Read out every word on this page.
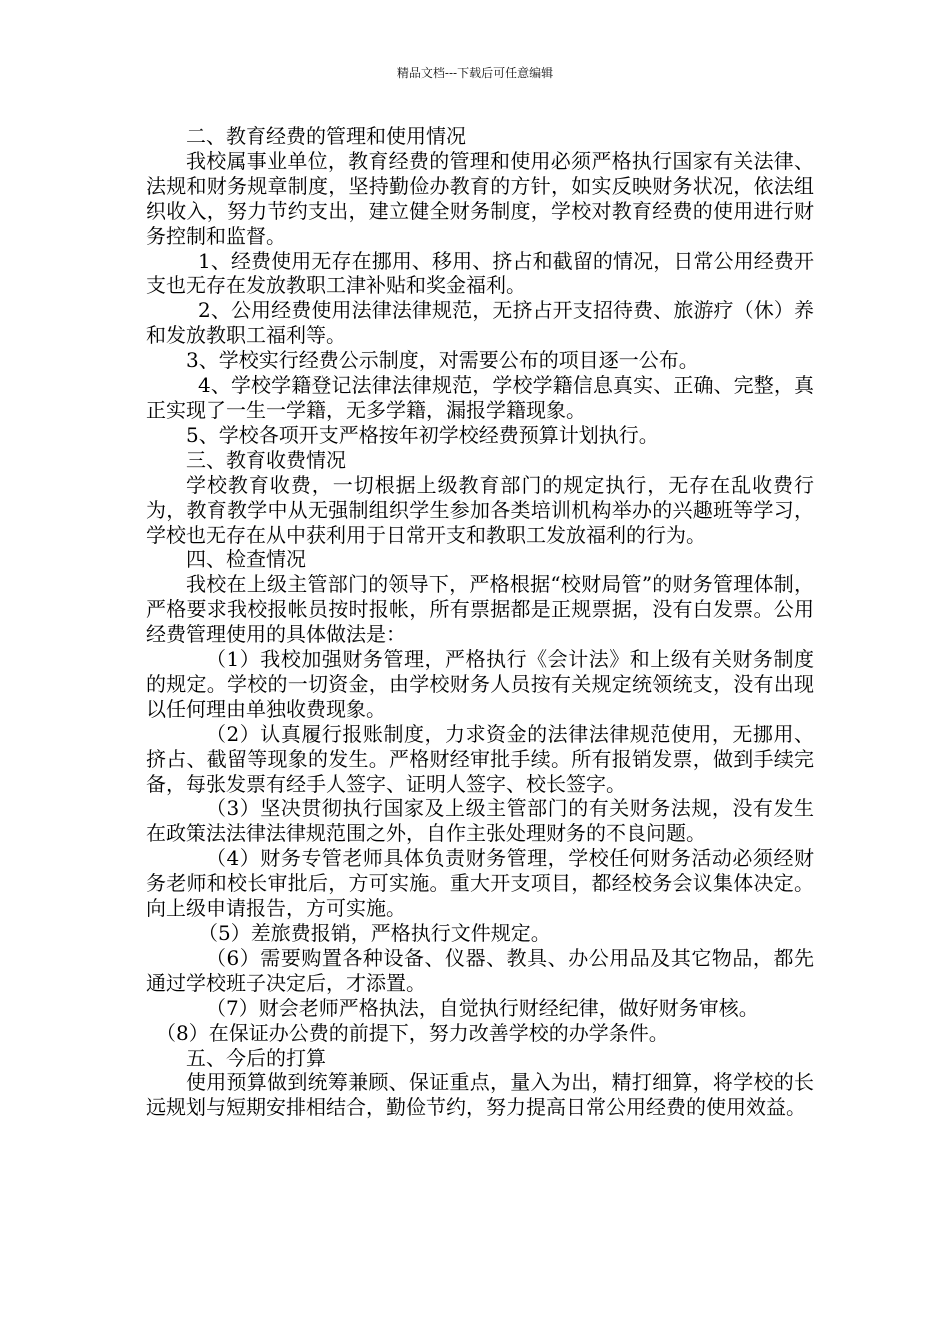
精品文档---下载后可任意编辑

二、教育经费的管理和使用情况

我校属事业单位，教育经费的管理和使用必须严格执行国家有关法律、法规和财务规章制度，坚持勤俭办教育的方针，如实反映财务状况，依法组织收入，努力节约支出，建立健全财务制度，学校对教育经费的使用进行财务控制和监督。

1、经费使用无存在挪用、移用、挤占和截留的情况，日常公用经费开支也无存在发放教职工津补贴和奖金福利。

2、公用经费使用法律法律规范，无挤占开支招待费、旅游疗（休）养和发放教职工福利等。

3、学校实行经费公示制度，对需要公布的项目逐一公布。

4、学校学籍登记法律法律规范，学校学籍信息真实、正确、完整，真正实现了一生一学籍，无多学籍，漏报学籍现象。

5、学校各项开支严格按年初学校经费预算计划执行。

三、教育收费情况

学校教育收费，一切根据上级教育部门的规定执行，无存在乱收费行为，教育教学中从无强制组织学生参加各类培训机构举办的兴趣班等学习，学校也无存在从中获利用于日常开支和教职工发放福利的行为。

四、检查情况

我校在上级主管部门的领导下，严格根据“校财局管”的财务管理体制，严格要求我校报帐员按时报帐，所有票据都是正规票据，没有白发票。公用经费管理使用的具体做法是：

（1）我校加强财务管理，严格执行《会计法》和上级有关财务制度的规定。学校的一切资金，由学校财务人员按有关规定统领统支，没有出现以任何理由单独收费现象。

（2）认真履行报账制度，力求资金的法律法律规范使用，无挪用、挤占、截留等现象的发生。严格财经审批手续。所有报销发票，做到手续完备，每张发票有经手人签字、证明人签字、校长签字。

（3）坚决贯彻执行国家及上级主管部门的有关财务法规，没有发生在政策法法律法律规范围之外，自作主张处理财务的不良问题。

（4）财务专管老师具体负责财务管理，学校任何财务活动必须经财务老师和校长审批后，方可实施。重大开支项目，都经校务会议集体决定。向上级申请报告，方可实施。

（5）差旅费报销，严格执行文件规定。

（6）需要购置各种设备、仪器、教具、办公用品及其它物品，都先通过学校班子决定后，才添置。

（7）财会老师严格执法，自觉执行财经纪律，做好财务审核。

（8）在保证办公费的前提下，努力改善学校的办学条件。

五、今后的打算

使用预算做到统筹兼顾、保证重点，量入为出，精打细算，将学校的长远规划与短期安排相结合，勤俭节约，努力提高日常公用经费的使用效益。
